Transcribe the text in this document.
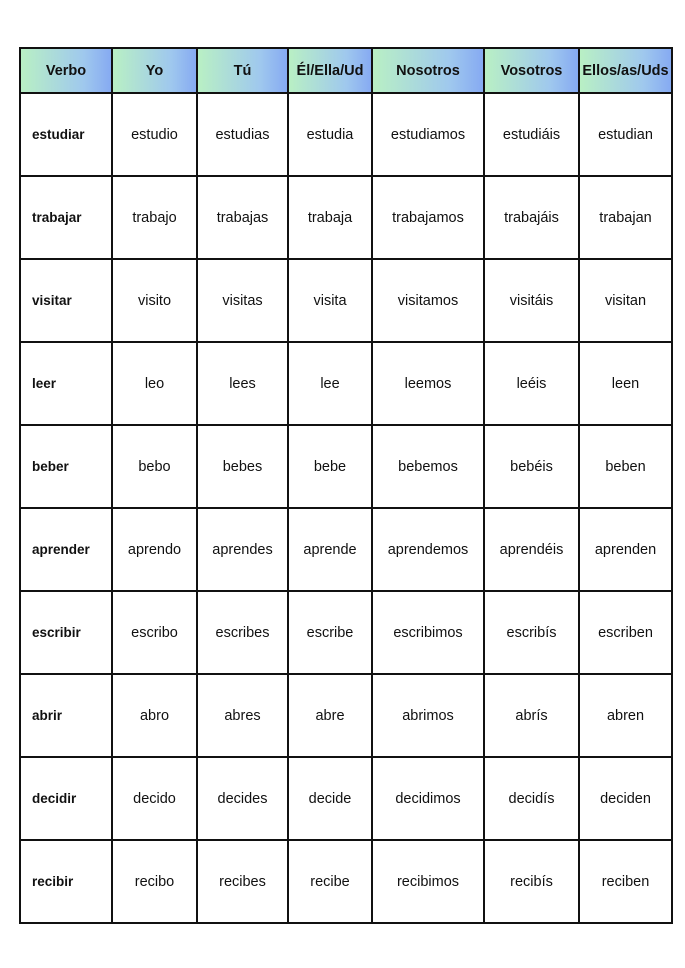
Verbo	Yo	Tú	Él/Ella/Ud	Nosotros	Vosotros	Ellos/as/Uds
estudiar	estudio	estudias	estudia	estudiamos	estudiáis	estudian
trabajar	trabajo	trabajas	trabaja	trabajamos	trabajáis	trabajan
visitar	visito	visitas	visita	visitamos	visitáis	visitan
leer	leo	lees	lee	leemos	leéis	leen
beber	bebo	bebes	bebe	bebemos	bebéis	beben
aprender	aprendo	aprendes	aprende	aprendemos	aprendéis	aprenden
escribir	escribo	escribes	escribe	escribimos	escribís	escriben
abrir	abro	abres	abre	abrimos	abrís	abren
decidir	decido	decides	decide	decidimos	decidís	deciden
recibir	recibo	recibes	recibe	recibimos	recibís	reciben
